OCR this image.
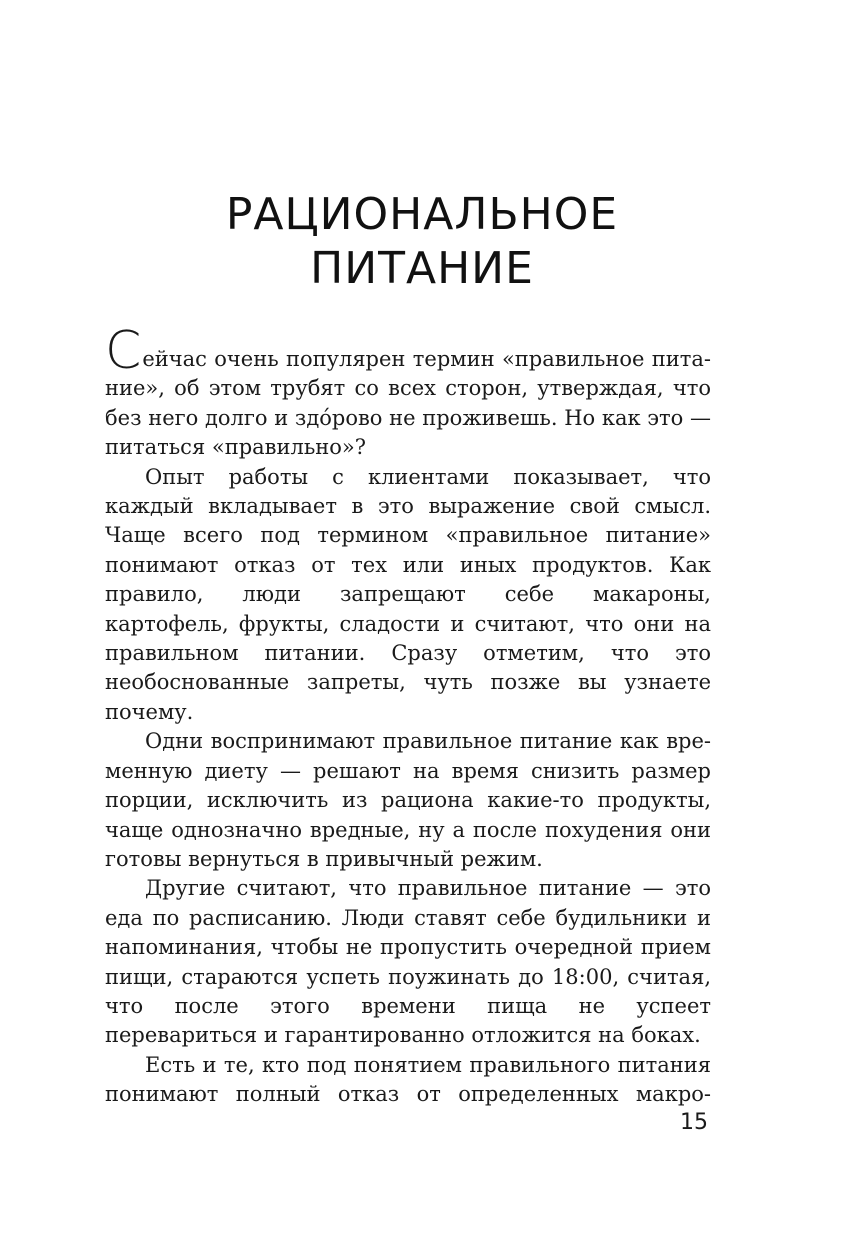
РАЦИОНАЛЬНОЕ
ПИТАНИЕ

Сейчас очень популярен термин «правильное питание», об этом трубят со всех сторон, утверждая, что без него долго и здóрово не проживешь. Но как это — питаться «правильно»?

Опыт работы с клиентами показывает, что каждый вкладывает в это выражение свой смысл. Чаще всего под термином «правильное питание» понимают отказ от тех или иных продуктов. Как правило, люди запрещают себе макароны, картофель, фрукты, сладости и считают, что они на правильном питании. Сразу отметим, что это необоснованные запреты, чуть позже вы узнаете почему.

Одни воспринимают правильное питание как временную диету — решают на время снизить размер порции, исключить из рациона какие-то продукты, чаще однозначно вредные, ну а после похудения они готовы вернуться в привычный режим.

Другие считают, что правильное питание — это еда по расписанию. Люди ставят себе будильники и напоминания, чтобы не пропустить очередной прием пищи, стараются успеть поужинать до 18:00, считая, что после этого времени пища не успеет перевариться и гарантированно отложится на боках.

Есть и те, кто под понятием правильного питания понимают полный отказ от определенных макро-

15
